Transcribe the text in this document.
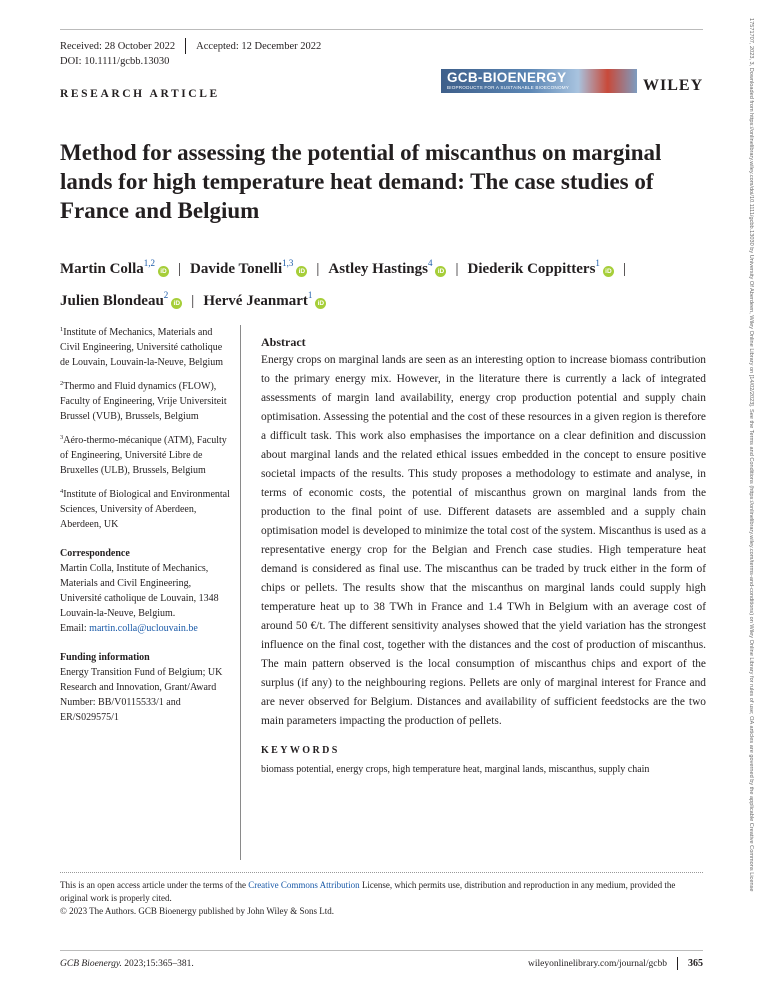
17571707, 2023, 3, Downloaded from https://onlinelibrary.wiley.com/doi/10.1111/gcbb.13030 by University Of Aberdeen, Wiley Online Library on [14/02/2023]. See the Terms and Conditions (https://onlinelibrary.wiley.com/terms-and-conditions) on Wiley Online Library for rules of use; OA articles are governed by the applicable Creative Commons License
Received: 28 October 2022 Accepted: 12 December 2022
DOI: 10.1111/gcbb.13030
GCB-BIOENERGY
BIOPRODUCTS FOR A SUSTAINABLE BIOECONOMY	WILEY
RESEARCH ARTICLE
Method for assessing the potential of miscanthus on marginal lands for high temperature heat demand: The case studies of France and Belgium
Martin Colla$^{1,2}$iD | Davide Tonelli$^{1,3}$iD | Astley Hastings$^4$iD | Diederik Coppitters$^1$iD |
Julien Blondeau$^2$iD | Hervé Jeanmart$^1$iD

$^1$Institute of Mechanics, Materials and Civil Engineering, Université catholique de Louvain, Louvain-la-Neuve, Belgium

$^2$Thermo and Fluid dynamics (FLOW), Faculty of Engineering, Vrije Universiteit Brussel (VUB), Brussels, Belgium

$^3$Aéro-thermo-mécanique (ATM), Faculty of Engineering, Université Libre de Bruxelles (ULB), Brussels, Belgium

$^4$Institute of Biological and Environmental Sciences, University of Aberdeen, Aberdeen, UK

Correspondence

Martin Colla, Institute of Mechanics, Materials and Civil Engineering, Université catholique de Louvain, 1348 Louvain-la-Neuve, Belgium.

Email: martin.colla@uclouvain.be

Funding information

Energy Transition Fund of Belgium; UK Research and Innovation, Grant/Award Number: BB/V0115533/1 and ER/S029575/1

Abstract

Energy crops on marginal lands are seen as an interesting option to increase biomass contribution to the primary energy mix. However, in the literature there is currently a lack of integrated assessments of margin land availability, energy crop production potential and supply chain optimisation. Assessing the potential and the cost of these resources in a given region is therefore a difficult task. This work also emphasises the importance on a clear definition and discussion about marginal lands and the related ethical issues embedded in the concept to ensure positive societal impacts of the results. This study proposes a methodology to estimate and analyse, in terms of economic costs, the potential of miscanthus grown on marginal lands from the production to the final point of use. Different datasets are assembled and a supply chain optimisation model is developed to minimize the total cost of the system. Miscanthus is used as a representative energy crop for the Belgian and French case studies. High temperature heat demand is considered as final use. The miscanthus can be traded by truck either in the form of chips or pellets. The results show that the miscanthus on marginal lands could supply high temperature heat up to 38 TWh in France and 1.4 TWh in Belgium with an average cost of around 50 €/t. The different sensitivity analyses showed that the yield variation has the strongest influence on the final cost, together with the distances and the cost of production of miscanthus. The main pattern observed is the local consumption of miscanthus chips and export of the surplus (if any) to the neighbouring regions. Pellets are only of marginal interest for France and are never observed for Belgium. Distances and availability of sufficient feedstocks are the two main parameters impacting the production of pellets.

KEYWORDS

biomass potential, energy crops, high temperature heat, marginal lands, miscanthus, supply chain

This is an open access article under the terms of the Creative Commons Attribution License, which permits use, distribution and reproduction in any medium, provided the original work is properly cited.

© 2023 The Authors. GCB Bioenergy published by John Wiley & Sons Ltd.

GCB Bioenergy. 2023;15:365–381.	wileyonlinelibrary.com/journal/gcbb 365
